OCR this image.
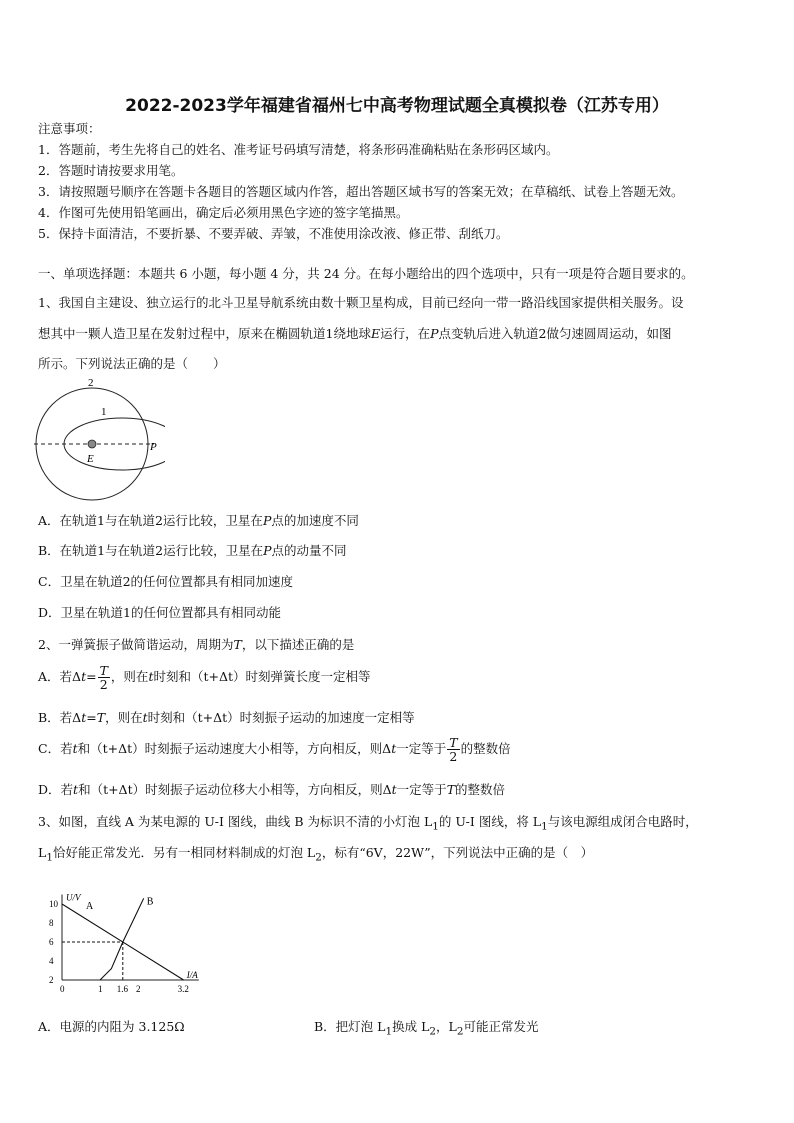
2022-2023学年福建省福州七中高考物理试题全真模拟卷（江苏专用）
注意事项：
1．答题前，考生先将自己的姓名、准考证号码填写清楚，将条形码准确粘贴在条形码区域内。
2．答题时请按要求用笔。
3．请按照题号顺序在答题卡各题目的答题区域内作答，超出答题区域书写的答案无效；在草稿纸、试卷上答题无效。
4．作图可先使用铅笔画出，确定后必须用黑色字迹的签字笔描黑。
5．保持卡面清洁，不要折暴、不要弄破、弄皱，不准使用涂改液、修正带、刮纸刀。
一、单项选择题：本题共 6 小题，每小题 4 分，共 24 分。在每小题给出的四个选项中，只有一项是符合题目要求的。
1、我国自主建设、独立运行的北斗卫星导航系统由数十颗卫星构成，目前已经向一带一路沿线国家提供相关服务。设
想其中一颗人造卫星在发射过程中，原来在椭圆轨道1绕地球E运行，在P点变轨后进入轨道2做匀速圆周运动，如图
所示。下列说法正确的是（　　）
2
1
E
P
A．在轨道1与在轨道2运行比较，卫星在P点的加速度不同
B．在轨道1与在轨道2运行比较，卫星在P点的动量不同
C．卫星在轨道2的任何位置都具有相同加速度
D．卫星在轨道1的任何位置都具有相同动能
2、一弹簧振子做简谐运动，周期为T，以下描述正确的是
A．若$\Delta t= \frac{T}{2}$ ，则在t时刻和（t+Δt）时刻弹簧长度一定相等
B．若Δt=T，则在t时刻和（t+Δt）时刻振子运动的加速度一定相等
C．若t和（t+Δt）时刻振子运动速度大小相等，方向相反，则Δt一定等于 $\frac{T}{2}$ 的整数倍
D．若t和（t+Δt）时刻振子运动位移大小相等，方向相反，则Δt一定等于T的整数倍
3、如图，直线 A 为某电源的 U-I 图线，曲线 B 为标识不清的小灯泡 $L_1$的 U-I 图线，将 $L_1$与该电源组成闭合电路时，
$L_1$恰好能正常发光．另有一相同材料制成的灯泡 $L_2$，标有“6V，22W”，下列说法中正确的是（　）
U/V
I/A
2
4
6
8
10
0	1 1.6 2	3.2
A	B
A．电源的内阻为 3.125Ω	B．把灯泡 $L_1$换成 $L_2$，$L_2$可能正常发光
